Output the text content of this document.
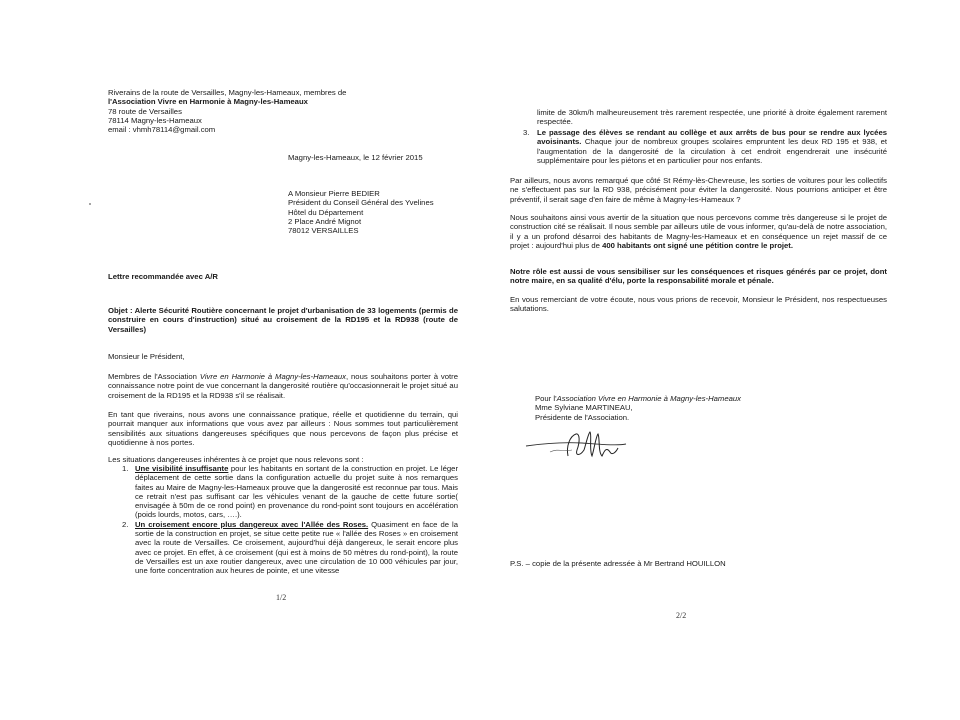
Riverains de la route de Versailles, Magny-les-Hameaux, membres de
l'Association Vivre en Harmonie à Magny-les-Hameaux
78 route de Versailles
78114 Magny-les-Hameaux
email : vhmh78114@gmail.com
Magny-les-Hameaux, le 12 février 2015
A Monsieur Pierre BEDIER
Président du Conseil Général des Yvelines
Hôtel du Département
2 Place André Mignot
78012 VERSAILLES
Lettre recommandée avec A/R
Objet : Alerte Sécurité Routière concernant le projet d'urbanisation de 33 logements (permis de construire en cours d'instruction) situé au croisement de la RD195 et la RD938 (route de Versailles)
Monsieur le Président,
Membres de l'Association Vivre en Harmonie à Magny-les-Hameaux, nous souhaitons porter à votre connaissance notre point de vue concernant la dangerosité routière qu'occasionnerait le projet situé au croisement de la RD195 et la RD938 s'il se réalisait.
En tant que riverains, nous avons une connaissance pratique, réelle et quotidienne du terrain, qui pourrait manquer aux informations que vous avez par ailleurs : Nous sommes tout particulièrement sensibilités aux situations dangereuses spécifiques que nous percevons de façon plus précise et quotidienne à nos portes.
Les situations dangereuses inhérentes à ce projet que nous relevons sont :
1. Une visibilité insuffisante pour les habitants en sortant de la construction en projet. Le léger déplacement de cette sortie dans la configuration actuelle du projet suite à nos remarques faites au Maire de Magny-les-Hameaux prouve que la dangerosité est reconnue par tous. Mais ce retrait n'est pas suffisant car les véhicules venant de la gauche de cette future sortie( envisagée à 50m de ce rond point) en provenance du rond-point sont toujours en accélération (poids lourds, motos, cars, ….).
2. Un croisement encore plus dangereux avec l'Allée des Roses. Quasiment en face de la sortie de la construction en projet, se situe cette petite rue « l'allée des Roses » en croisement avec la route de Versailles. Ce croisement, aujourd'hui déjà dangereux, le serait encore plus avec ce projet. En effet, à ce croisement (qui est à moins de 50 mètres du rond-point), la route de Versailles est un axe routier dangereux, avec une circulation de 10 000 véhicules par jour, une forte concentration aux heures de pointe, et une vitesse
1/2
limite de 30km/h malheureusement très rarement respectée, une priorité à droite également rarement respectée.
3. Le passage des élèves se rendant au collège et aux arrêts de bus pour se rendre aux lycées avoisinants. Chaque jour de nombreux groupes scolaires empruntent les deux RD 195 et 938, et l'augmentation de la dangerosité de la circulation à cet endroit engendrerait une insécurité supplémentaire pour les piétons et en particulier pour nos enfants.
Par ailleurs, nous avons remarqué que côté St Rémy-lès-Chevreuse, les sorties de voitures pour les collectifs ne s'effectuent pas sur la RD 938, précisément pour éviter la dangerosité. Nous pourrions anticiper et être préventif, il serait sage d'en faire de même à Magny-les-Hameaux ?
Nous souhaitons ainsi vous avertir de la situation que nous percevons comme très dangereuse si le projet de construction cité se réalisait. Il nous semble par ailleurs utile de vous informer, qu'au-delà de notre association, il y a un profond désarroi des habitants de Magny-les-Hameaux et en conséquence un rejet massif de ce projet : aujourd'hui plus de 400 habitants ont signé une pétition contre le projet.
Notre rôle est aussi de vous sensibiliser sur les conséquences et risques générés par ce projet, dont notre maire, en sa qualité d'élu, porte la responsabilité morale et pénale.
En vous remerciant de votre écoute, nous vous prions de recevoir, Monsieur le Président, nos respectueuses salutations.
Pour l'Association Vivre en Harmonie à Magny-les-Hameaux
Mme Sylviane MARTINEAU,
Présidente de l'Association.
P.S. – copie de la présente adressée à Mr Bertrand HOUILLON
2/2
